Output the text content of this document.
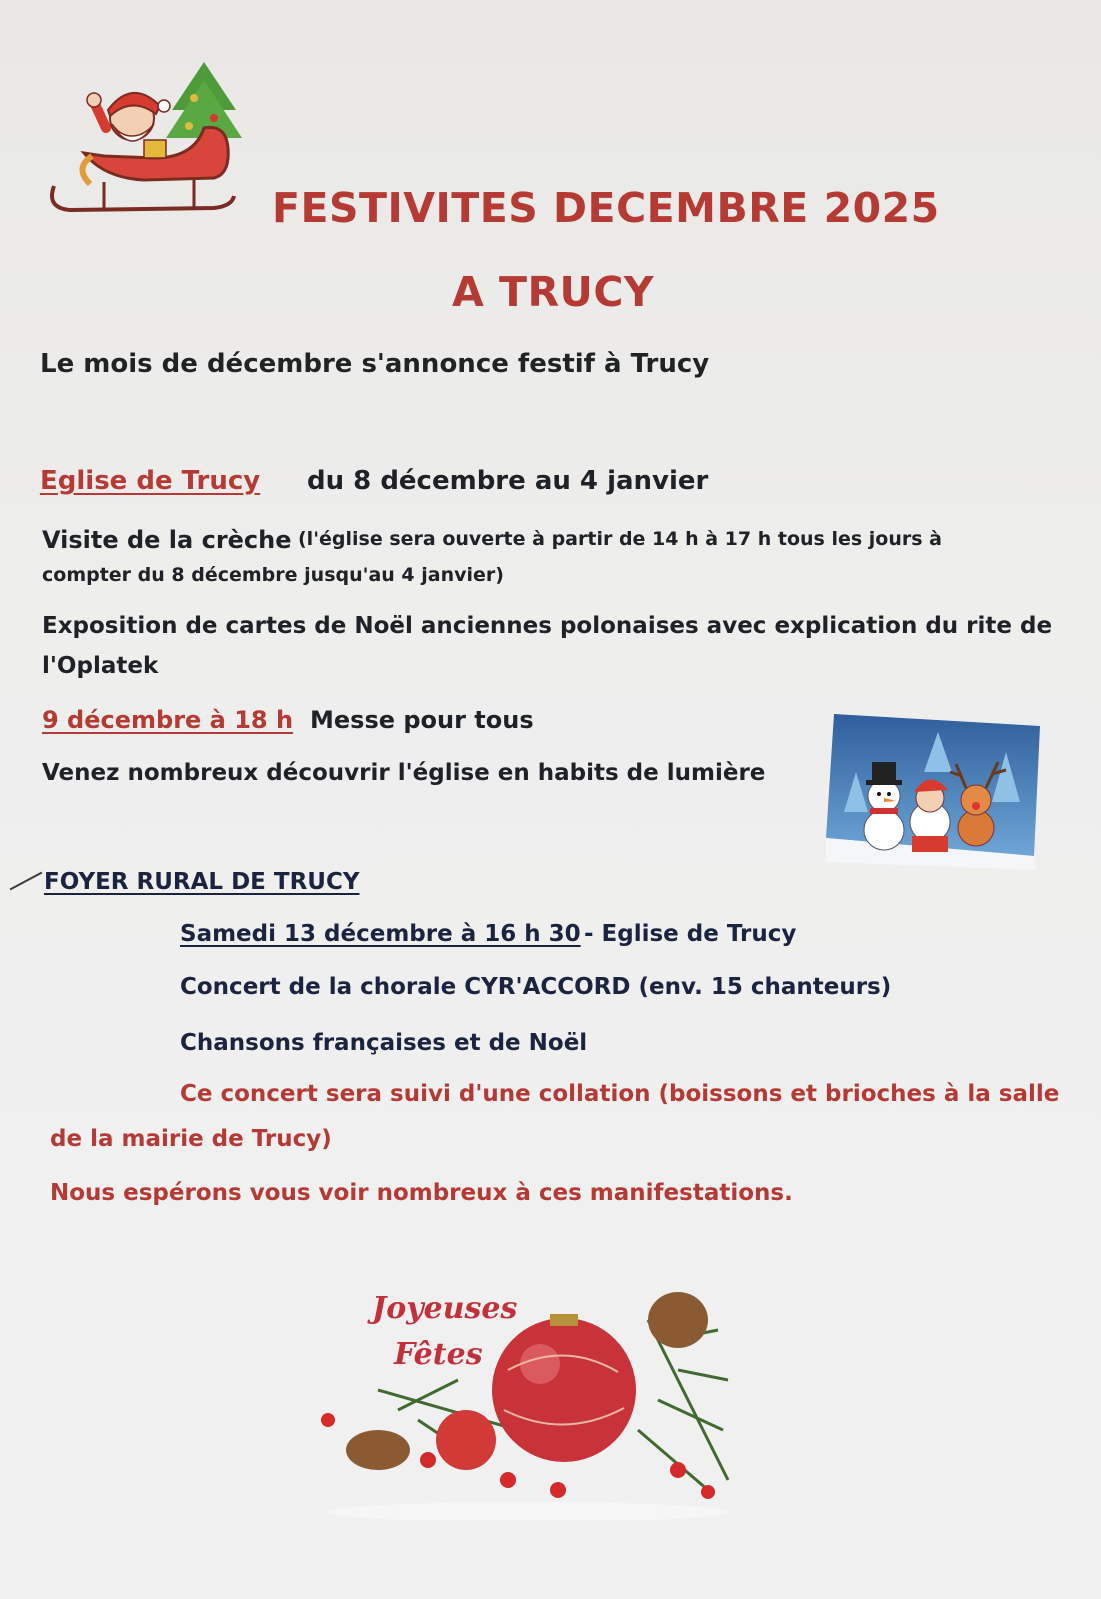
FESTIVITES DECEMBRE 2025
A TRUCY
Le mois de décembre s'annonce festif à Trucy
Eglise de Trucy du 8 décembre au 4 janvier
Visite de la crèche (l'église sera ouverte à partir de 14 h à 17 h tous les jours à
compter du 8 décembre jusqu'au 4 janvier)
Exposition de cartes de Noël anciennes polonaises avec explication du rite de
l'Oplatek
9 décembre à 18 h Messe pour tous
Venez nombreux découvrir l'église en habits de lumière
FOYER RURAL DE TRUCY
Samedi 13 décembre à 16 h 30 - Eglise de Trucy
Concert de la chorale CYR'ACCORD (env. 15 chanteurs)
Chansons françaises et de Noël
Ce concert sera suivi d'une collation (boissons et brioches à la salle
de la mairie de Trucy)
Nous espérons vous voir nombreux à ces manifestations.
Joyeuses
Fêtes
